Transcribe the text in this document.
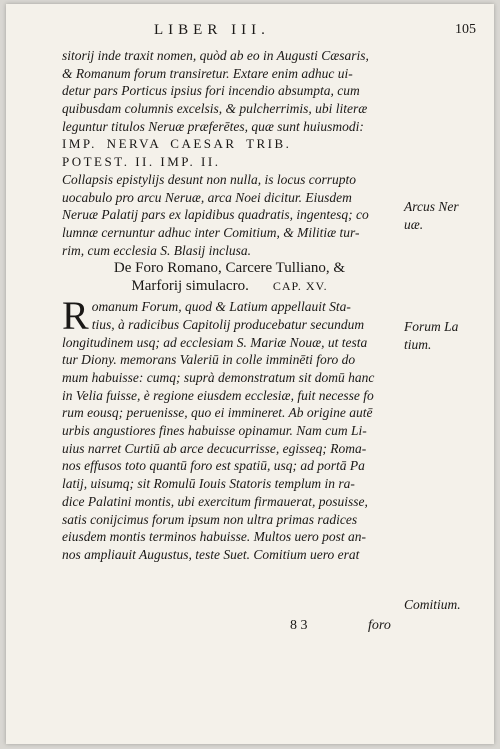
LIBER III.	105
sitorij inde traxit nomen, quòd ab eo in Augusti Cæsaris,
& Romanum forum transiretur. Extare enim adhuc ui-
detur pars Porticus ipsius fori incendio absumpta, cum
quibusdam columnis excelsis, & pulcherrimis, ubi literæ
leguntur titulos Neruæ præferētes, quæ sunt huiusmodi:
IMP. NERVA CAESAR TRIB.
POTEST. II. IMP. II.
Collapsis epistylijs desunt non nulla, is locus corrupto
uocabulo pro arcu Neruæ, arca Noei dicitur. Eiusdem
Neruæ Palatij pars ex lapidibus quadratis, ingentesq; co
lumnæ cernuntur adhuc inter Comitium, & Militiæ tur-
rim, cum ecclesia S. Blasij inclusa.
De Foro Romano, Carcere Tulliano, &
Marforij simulacro. CAP. XV.
R omanum Forum, quod & Latium appellauit Sta-
tius, à radicibus Capitolij producebatur secundum
longitudinem usq; ad ecclesiam S. Mariæ Nouæ, ut testa
tur Diony. memorans Valeriū in colle imminēti foro do
mum habuisse: cumq; suprà demonstratum sit domū hanc
in Velia fuisse, è regione eiusdem ecclesiæ, fuit necesse fo
rum eousq; peruenisse, quo ei immineret. Ab origine autē
urbis angustiores fines habuisse opinamur. Nam cum Li-
uius narret Curtiū ab arce decucurrisse, egisseq; Roma-
nos effusos toto quantū foro est spatiū, usq; ad portā Pa
latij, uisumq; sit Romulū Iouis Statoris templum in ra-
dice Palatini montis, ubi exercitum firmauerat, posuisse,
satis conijcimus forum ipsum non ultra primas radices
eiusdem montis terminos habuisse. Multos uero post an-
nos ampliauit Augustus, teste Suet. Comitium uero erat
Arcus Ner
uæ.
Forum La
tium.
Comitium.
8 3	foro
